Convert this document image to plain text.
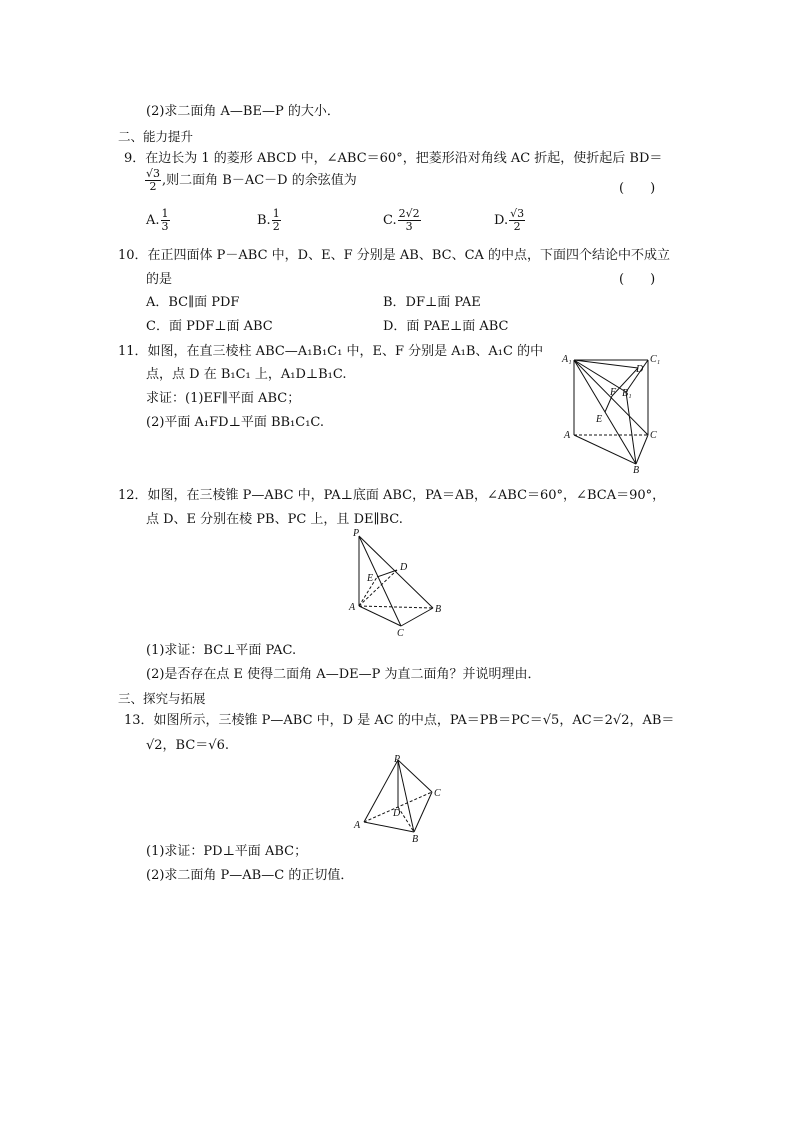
(2)求二面角 A—BE—P 的大小．
二、能力提升
9．在边长为 1 的菱形 ABCD 中，∠ABC＝60°，把菱形沿对角线 AC 折起，使折起后 BD＝
$\frac{√3}{2}$ ,则二面角 B－AC－D 的余弦值为
(　　)
A. $\frac{1}{3}$	B. $\frac{1}{2}$	C. $\frac{2√2}{3}$	D. $\frac{√3}{2}$
10．在正四面体 P－ABC 中，D、E、F 分别是 AB、BC、CA 的中点，下面四个结论中不成立
的是	(　　)
A．BC∥面 PDF	B．DF⊥面 PAE
C．面 PDF⊥面 ABC	D．面 PAE⊥面 ABC
11．如图，在直三棱柱 ABC—A₁B₁C₁ 中，E、F 分别是 A₁B、A₁C 的中
点，点 D 在 B₁C₁ 上，A₁D⊥B₁C.
求证：(1)EF∥平面 ABC；
(2)平面 A₁FD⊥平面 BB₁C₁C.
A₁	C₁
D
F B₁
E
A	C
B
12．如图，在三棱锥 P—ABC 中，PA⊥底面 ABC，PA＝AB，∠ABC＝60°，∠BCA＝90°，
点 D、E 分别在棱 PB、PC 上，且 DE∥BC.
P
D
E
A	B
C
(1)求证：BC⊥平面 PAC.
(2)是否存在点 E 使得二面角 A—DE—P 为直二面角？并说明理由．
三、探究与拓展
13．如图所示，三棱锥 P—ABC 中，D 是 AC 的中点，PA＝PB＝PC＝√5，AC＝2√2，AB＝
√2，BC＝√6.
P
C
D
A
B
(1)求证：PD⊥平面 ABC；
(2)求二面角 P—AB—C 的正切值．
